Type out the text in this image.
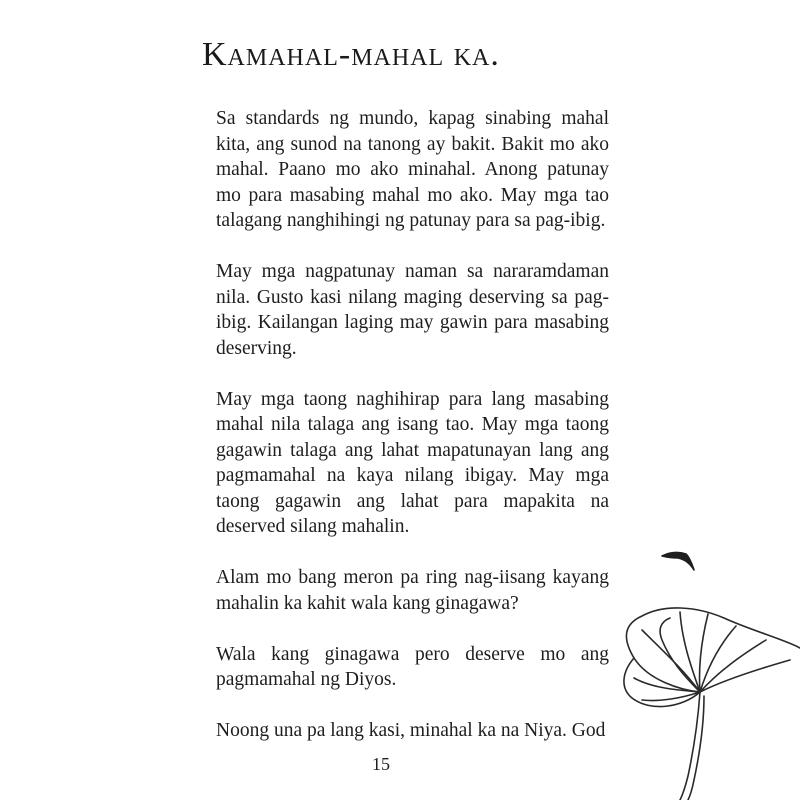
Kamahal-mahal ka.

Sa standards ng mundo, kapag sinabing mahal kita, ang sunod na tanong ay bakit. Bakit mo ako mahal. Paano mo ako minahal. Anong patunay mo para masabing mahal mo ako. May mga tao talagang nanghihingi ng patunay para sa pag-ibig.

May mga nagpatunay naman sa nararamdaman nila. Gusto kasi nilang maging deserving sa pag-ibig. Kailangan laging may gawin para masabing deserving.

May mga taong naghihirap para lang masabing mahal nila talaga ang isang tao. May mga taong gagawin talaga ang lahat mapatunayan lang ang pagmamahal na kaya nilang ibigay. May mga taong gagawin ang lahat para mapakita na deserved silang mahalin.

Alam mo bang meron pa ring nag-iisang kayang mahalin ka kahit wala kang ginagawa?

Wala kang ginagawa pero deserve mo ang pagmamahal ng Diyos.

Noong una pa lang kasi, minahal ka na Niya. God

15
